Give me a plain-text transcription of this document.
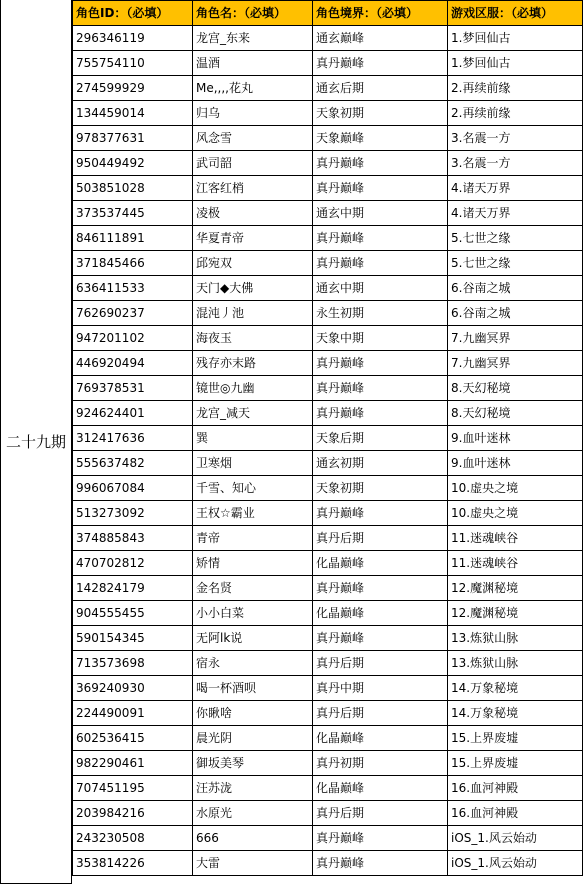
二十九期
角色ID：（必填）	角色名：（必填）	角色境界：（必填）	游戏区服：（必填）
296346119	龙宫_东来	通玄巅峰	1.梦回仙古
755754110	温酒	真丹巅峰	1.梦回仙古
274599929	Me,,,,花丸	通玄后期	2.再续前缘
134459014	归乌	天象初期	2.再续前缘
978377631	风念雪	天象巅峰	3.名震一方
950449492	武司韶	真丹巅峰	3.名震一方
503851028	江客红梢	真丹巅峰	4.诸天万界
373537445	凌极	通玄中期	4.诸天万界
846111891	华夏青帝	真丹巅峰	5.七世之缘
371845466	邱宛双	真丹巅峰	5.七世之缘
636411533	天门◆大佛	通玄中期	6.谷南之城
762690237	混沌丿池	永生初期	6.谷南之城
947201102	海夜玉	天象中期	7.九幽冥界
446920494	残存亦末路	真丹巅峰	7.九幽冥界
769378531	镜世◎九幽	真丹巅峰	8.天幻秘境
924624401	龙宫_减天	真丹巅峰	8.天幻秘境
312417636	巽	天象后期	9.血叶迷林
555637482	卫寒烟	通玄初期	9.血叶迷林
996067084	千雪、知心	天象初期	10.虚央之境
513273092	王权☆霸业	真丹巅峰	10.虚央之境
374885843	青帝	真丹后期	11.迷魂峡谷
470702812	矫情	化晶巅峰	11.迷魂峡谷
142824179	金名贤	真丹巅峰	12.魔渊秘境
904555455	小小白菜	化晶巅峰	12.魔渊秘境
590154345	无阿lk说	真丹巅峰	13.炼狱山脉
713573698	宿永	真丹后期	13.炼狱山脉
369240930	喝一杯酒呗	真丹中期	14.万象秘境
224490091	你瞅啥	真丹后期	14.万象秘境
602536415	晨光阴	化晶巅峰	15.上界废墟
982290461	御坂美琴	真丹初期	15.上界废墟
707451195	汪苏泷	化晶巅峰	16.血河神殿
203984216	水原光	真丹后期	16.血河神殿
243230508	666	真丹巅峰	iOS_1.风云始动
353814226	大雷	真丹巅峰	iOS_1.风云始动
